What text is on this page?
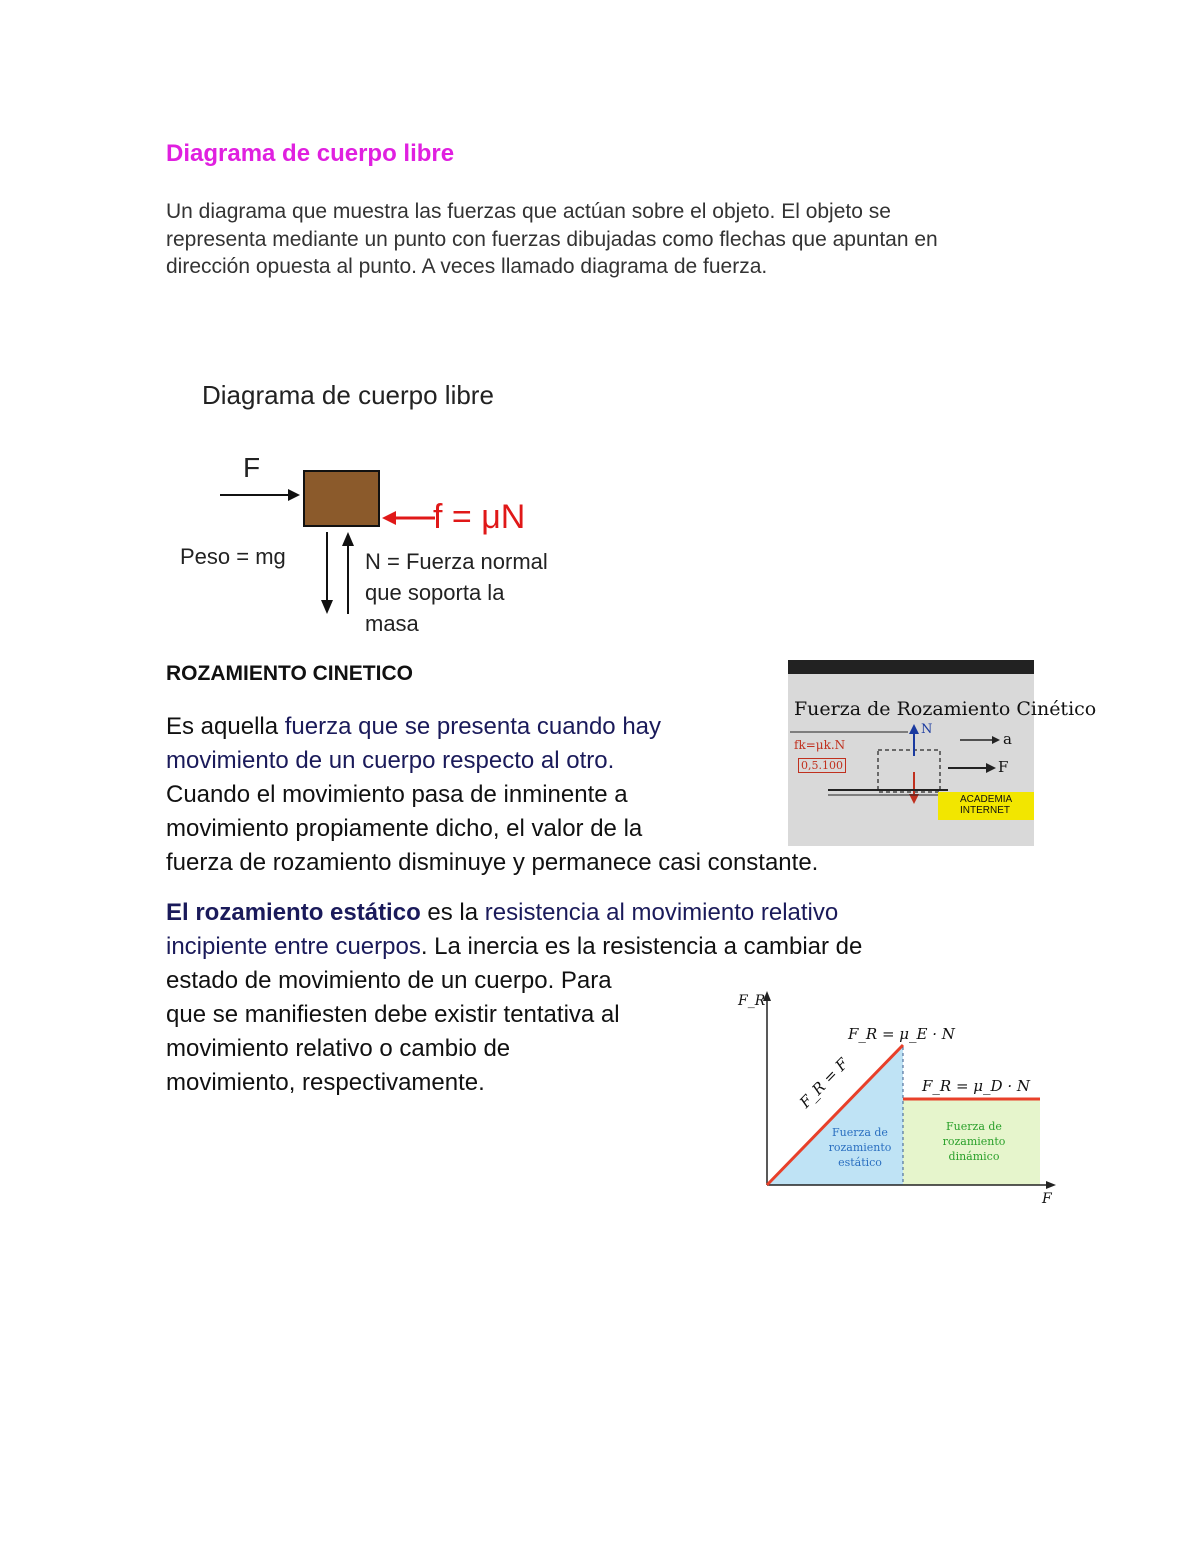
Diagrama de cuerpo libre
Un diagrama que muestra las fuerzas que actúan sobre el objeto. El objeto se
representa mediante un punto con fuerzas dibujadas como flechas que apuntan en
dirección opuesta al punto. A veces llamado diagrama de fuerza.
Diagrama de cuerpo libre
F
f = μN
Peso = mg	N = Fuerza normal
que soporta la
masa
ROZAMIENTO CINETICO
Es aquella fuerza que se presenta cuando hay
movimiento de un cuerpo respecto al otro.
Cuando el movimiento pasa de inminente a
movimiento propiamente dicho, el valor de la
fuerza de rozamiento disminuye y permanece casi constante.
El rozamiento estático es la resistencia al movimiento relativo
incipiente entre cuerpos. La inercia es la resistencia a cambiar de
estado de movimiento de un cuerpo. Para
que se manifiesten debe existir tentativa al
movimiento relativo o cambio de
movimiento, respectivamente.
Fuerza de Rozamiento Cinético
fk=μk.N
0,5.100
N
a
F
ACADEMIA
INTERNET
F_R
F
F_R = μ_E · N
F_R = μ_D · N
F_R = F
Fuerza de
rozamiento
estático
Fuerza de
rozamiento
dinámico
